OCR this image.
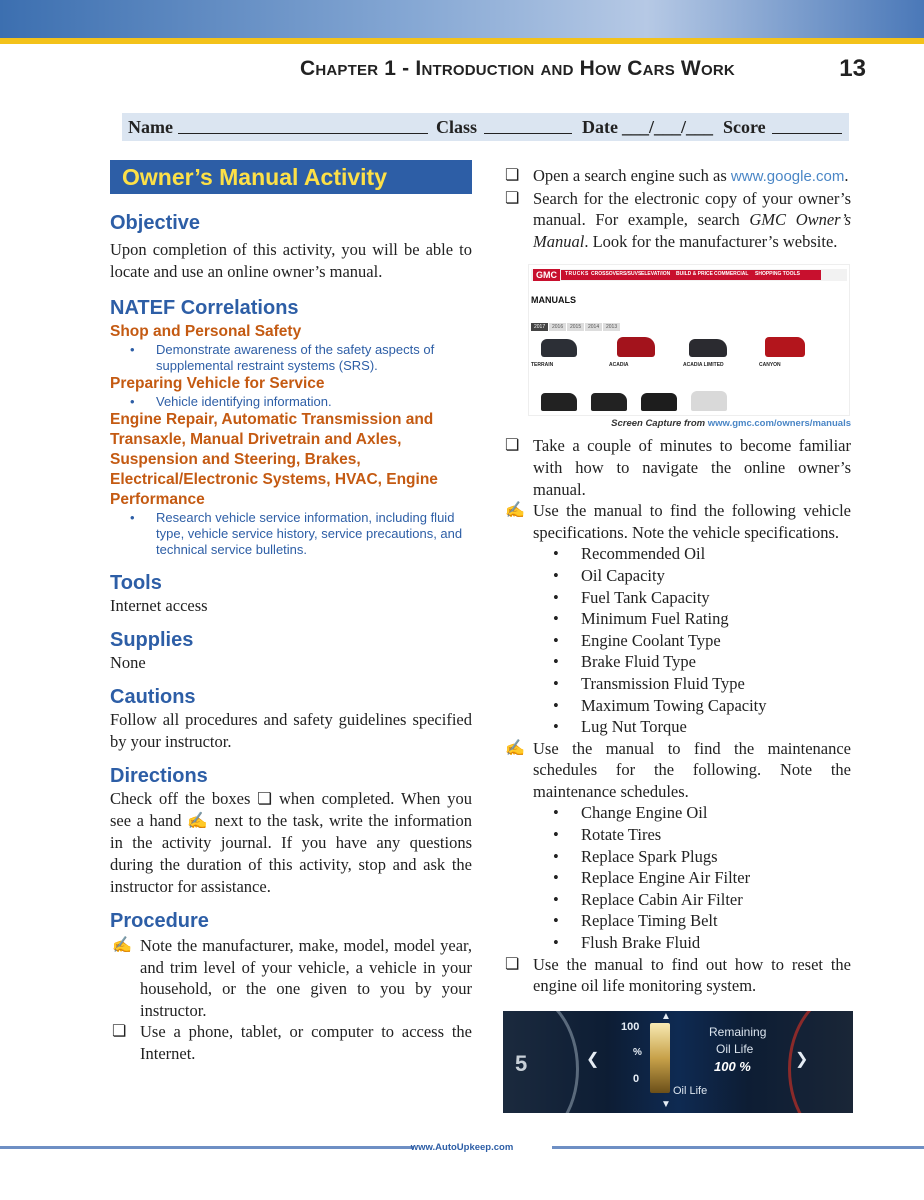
Chapter 1 - Introduction and How Cars Work	13
Name	Class	Date ___/___/___ Score
Owner’s Manual Activity
Objective
Upon completion of this activity, you will be able to locate and use an online owner’s manual.
NATEF Correlations
Shop and Personal Safety
• Demonstrate awareness of the safety aspects of supplemental restraint systems (SRS).
Preparing Vehicle for Service
• Vehicle identifying information.
Engine Repair, Automatic Transmission and Transaxle, Manual Drivetrain and Axles, Suspension and Steering, Brakes, Electrical/Electronic Systems, HVAC, Engine Performance
• Research vehicle service information, including fluid type, vehicle service history, service precautions, and technical service bulletins.
Tools
Internet access
Supplies
None
Cautions
Follow all procedures and safety guidelines specified by your instructor.
Directions
Check off the boxes ❏ when completed. When you see a hand ✍ next to the task, write the information in the activity journal. If you have any questions during the duration of this activity, stop and ask the instructor for assistance.
Procedure
✍ Note the manufacturer, make, model, model year, and trim level of your vehicle, a vehicle in your household, or the one given to you by your instructor.
❏ Use a phone, tablet, or computer to access the Internet.
❏ Open a search engine such as www.google.com.
❏ Search for the electronic copy of your owner’s manual. For example, search GMC Owner’s Manual. Look for the manufacturer’s website.
GMC	TRUCKS CROSSOVERS/SUVS ELEVAT/ION BUILD & PRICE COMMERCIAL SHOPPING TOOLS
MANUALS
2017	2016	2015	2014	2013
TERRAIN	ACADIA	ACADIA LIMITED	CANYON
Screen Capture from www.gmc.com/owners/manuals
❏ Take a couple of minutes to become familiar with how to navigate the online owner’s manual.
✍ Use the manual to find the following vehicle specifications. Note the vehicle specifications.
• Recommended Oil
• Oil Capacity
• Fuel Tank Capacity
• Minimum Fuel Rating
• Engine Coolant Type
• Brake Fluid Type
• Transmission Fluid Type
• Maximum Towing Capacity
• Lug Nut Torque
✍ Use the manual to find the maintenance schedules for the following. Note the maintenance schedules.
• Change Engine Oil
• Rotate Tires
• Replace Spark Plugs
• Replace Engine Air Filter
• Replace Cabin Air Filter
• Replace Timing Belt
• Flush Brake Fluid
❏ Use the manual to find out how to reset the engine oil life monitoring system.
5
100
%
0
▲
▼
❮	❯
Remaining
Oil Life
100 %
Oil Life
www.AutoUpkeep.com
